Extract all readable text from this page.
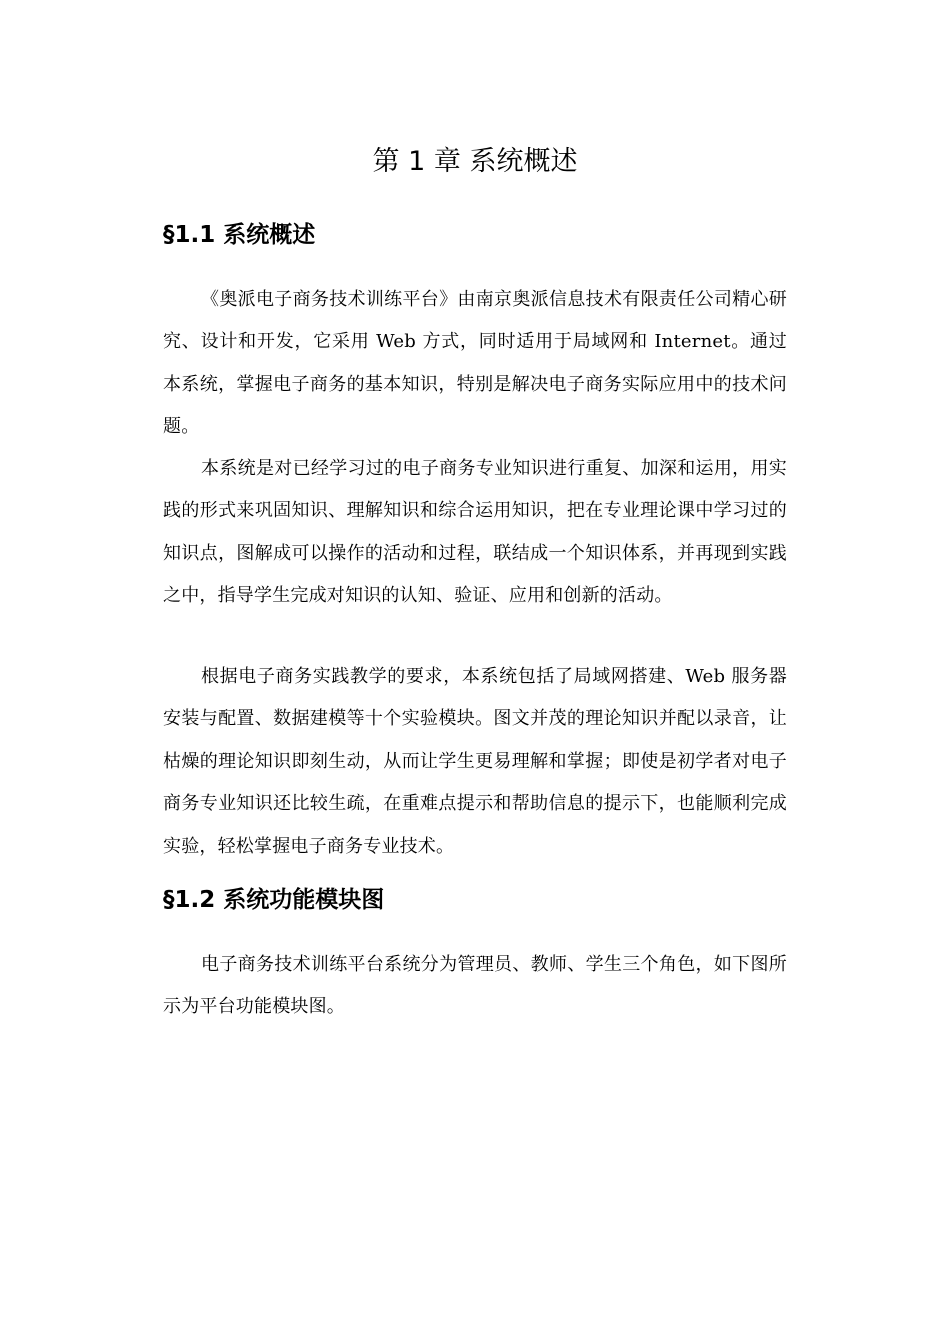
第 1 章 系统概述
§1.1 系统概述

《奥派电子商务技术训练平台》由南京奥派信息技术有限责任公司精心研究、设计和开发，它采用 Web 方式，同时适用于局域网和 Internet。通过本系统，掌握电子商务的基本知识，特别是解决电子商务实际应用中的技术问题。

本系统是对已经学习过的电子商务专业知识进行重复、加深和运用，用实践的形式来巩固知识、理解知识和综合运用知识，把在专业理论课中学习过的知识点，图解成可以操作的活动和过程，联结成一个知识体系，并再现到实践之中，指导学生完成对知识的认知、验证、应用和创新的活动。

根据电子商务实践教学的要求，本系统包括了局域网搭建、Web 服务器安装与配置、数据建模等十个实验模块。图文并茂的理论知识并配以录音，让枯燥的理论知识即刻生动，从而让学生更易理解和掌握；即使是初学者对电子商务专业知识还比较生疏，在重难点提示和帮助信息的提示下，也能顺利完成实验，轻松掌握电子商务专业技术。

§1.2 系统功能模块图

电子商务技术训练平台系统分为管理员、教师、学生三个角色，如下图所示为平台功能模块图。
